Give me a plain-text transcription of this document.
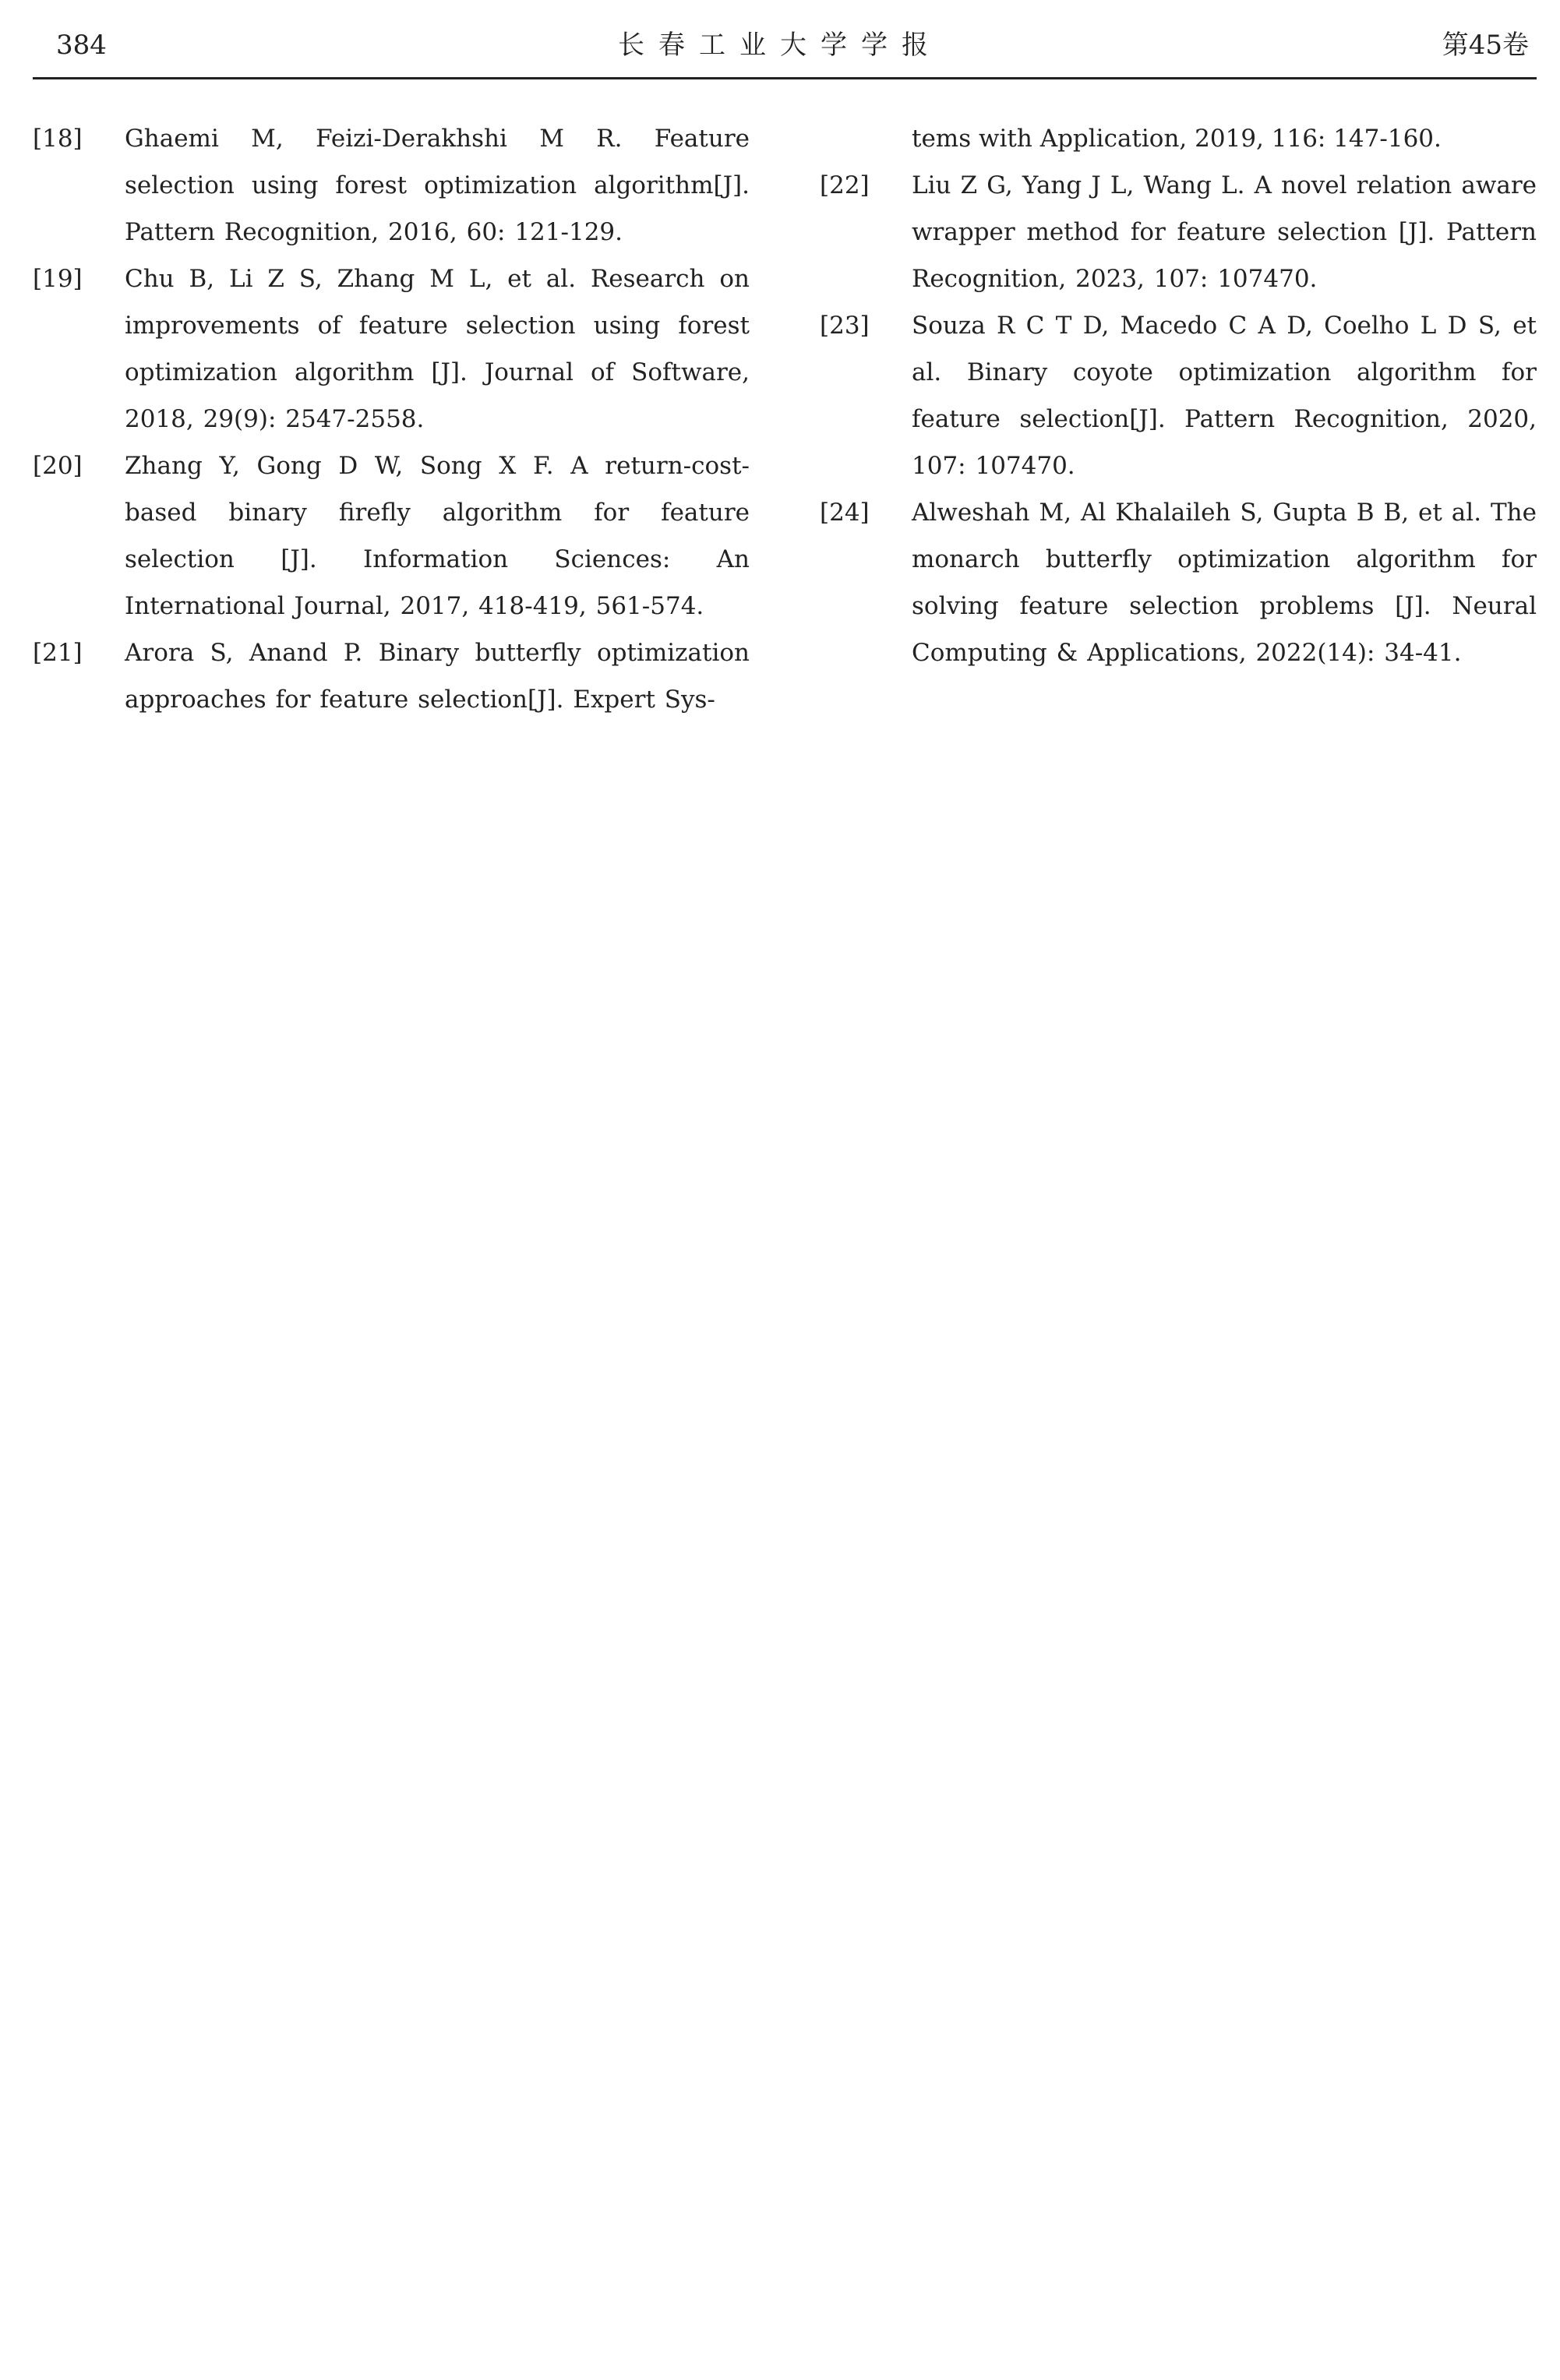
384	长春工业大学学报	第45卷
[18] Ghaemi M, Feizi-Derakhshi M R. Feature selection using forest optimization algorithm[J]. Pattern Recognition, 2016, 60: 121-129.
[19] Chu B, Li Z S, Zhang M L, et al. Research on improvements of feature selection using forest optimization algorithm [J]. Journal of Software, 2018, 29(9): 2547-2558.
[20] Zhang Y, Gong D W, Song X F. A return-cost-based binary firefly algorithm for feature selection [J]. Information Sciences: An International Journal, 2017, 418-419, 561-574.
[21] Arora S, Anand P. Binary butterfly optimization approaches for feature selection[J]. Expert Sys-
tems with Application, 2019, 116: 147-160.
[22] Liu Z G, Yang J L, Wang L. A novel relation aware wrapper method for feature selection [J]. Pattern Recognition, 2023, 107: 107470.
[23] Souza R C T D, Macedo C A D, Coelho L D S, et al. Binary coyote optimization algorithm for feature selection[J]. Pattern Recognition, 2020, 107: 107470.
[24] Alweshah M, Al Khalaileh S, Gupta B B, et al. The monarch butterfly optimization algorithm for solving feature selection problems [J]. Neural Computing & Applications, 2022(14): 34-41.
